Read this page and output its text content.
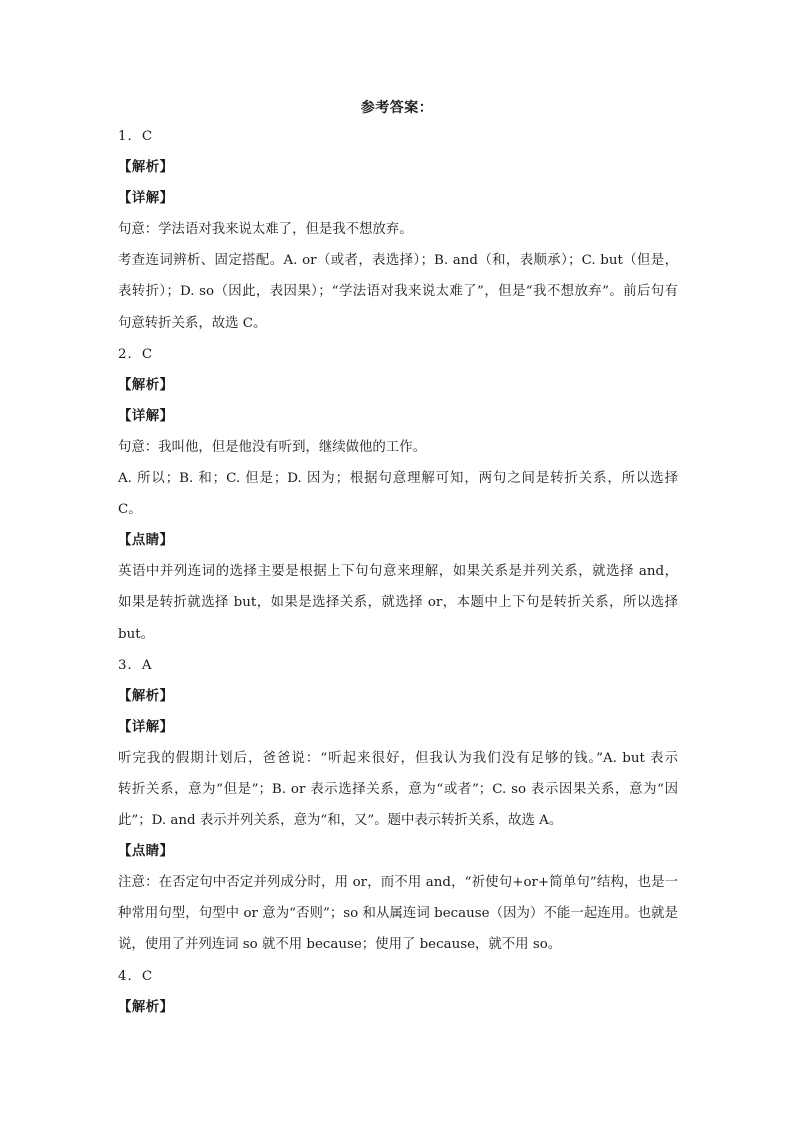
参考答案：
1．C
【解析】
【详解】
句意：学法语对我来说太难了，但是我不想放弃。
考查连词辨析、固定搭配。A. or（或者，表选择）；B. and（和，表顺承）；C. but（但是，
表转折）；D. so（因此，表因果）；“学法语对我来说太难了”，但是“我不想放弃”。前后句有
句意转折关系，故选 C。
2．C
【解析】
【详解】
句意：我叫他，但是他没有听到，继续做他的工作。
A. 所以；B. 和；C. 但是；D. 因为；根据句意理解可知，两句之间是转折关系，所以选择
C。
【点睛】
英语中并列连词的选择主要是根据上下句句意来理解，如果关系是并列关系，就选择 and，
如果是转折就选择 but，如果是选择关系，就选择 or，本题中上下句是转折关系，所以选择
but。
3．A
【解析】
【详解】
听完我的假期计划后，爸爸说：“听起来很好，但我认为我们没有足够的钱。”A. but 表示
转折关系，意为“但是”；B. or 表示选择关系，意为“或者”；C. so 表示因果关系，意为“因
此”；D. and 表示并列关系，意为“和，又”。题中表示转折关系，故选 A。
【点睛】
注意：在否定句中否定并列成分时，用 or，而不用 and，“祈使句+or+简单句”结构，也是一
种常用句型，句型中 or 意为“否则”；so 和从属连词 because（因为）不能一起连用。也就是
说，使用了并列连词 so 就不用 because；使用了 because，就不用 so。
4．C
【解析】
